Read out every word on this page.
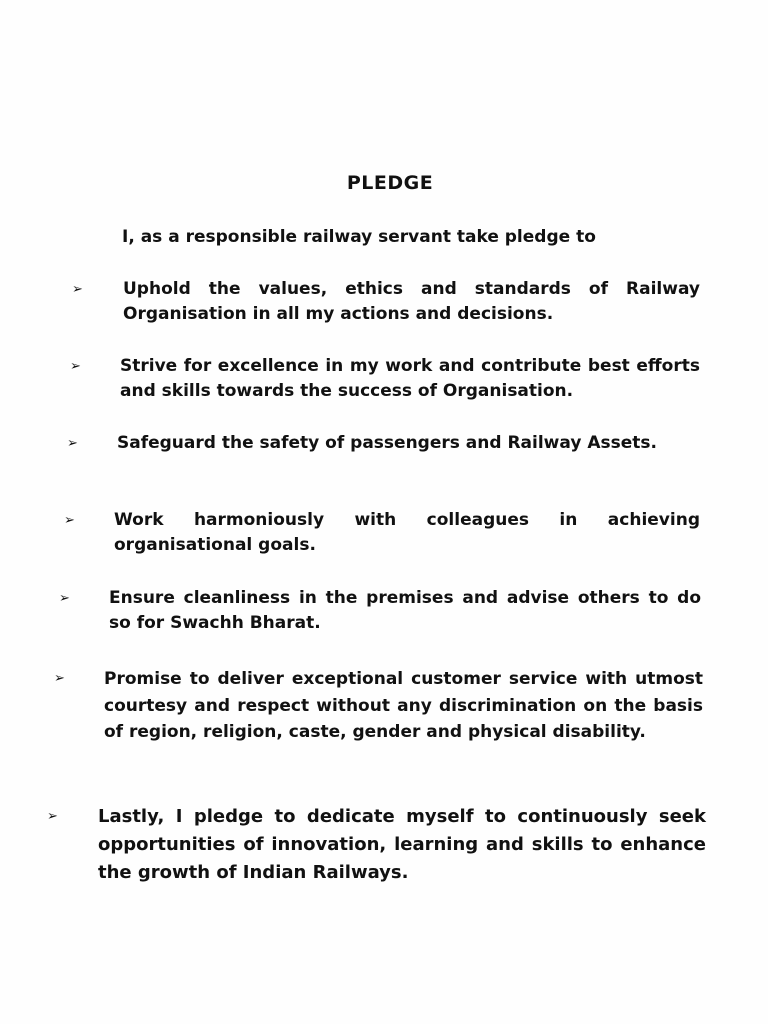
PLEDGE
I, as a responsible railway servant take pledge to
➢ Uphold the values, ethics and standards of Railway Organisation in all my actions and decisions.
➢ Strive for excellence in my work and contribute best efforts and skills towards the success of Organisation.
➢ Safeguard the safety of passengers and Railway Assets.
➢ Work harmoniously with colleagues in achieving organisational goals.
➢ Ensure cleanliness in the premises and advise others to do so for Swachh Bharat.
➢ Promise to deliver exceptional customer service with utmost courtesy and respect without any discrimination on the basis of region, religion, caste, gender and physical disability.
➢ Lastly, I pledge to dedicate myself to continuously seek opportunities of innovation, learning and skills to enhance the growth of Indian Railways.
